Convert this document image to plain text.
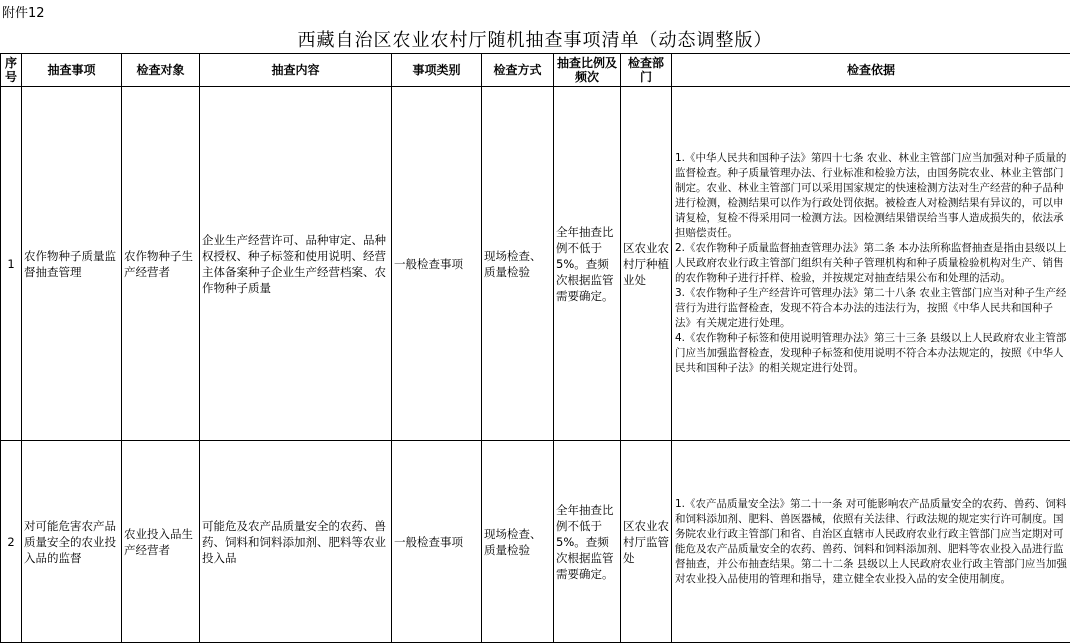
附件12
西藏自治区农业农村厅随机抽查事项清单（动态调整版）
序号	抽查事项	检查对象	抽查内容	事项类别	检查方式	抽查比例及频次	检查部门	检查依据
1	农作物种子质量监督抽查管理	农作物种子生产经营者	企业生产经营许可、品种审定、品种权授权、种子标签和使用说明、经营主体备案种子企业生产经营档案、农作物种子质量	一般检查事项	现场检查、质量检验	全年抽查比例不低于5%。查频次根据监管需要确定。	区农业农村厅种植业处	1.《中华人民共和国种子法》第四十七条 农业、林业主管部门应当加强对种子质量的监督检查。种子质量管理办法、行业标准和检验方法，由国务院农业、林业主管部门制定。农业、林业主管部门可以采用国家规定的快速检测方法对生产经营的种子品种进行检测，检测结果可以作为行政处罚依据。被检查人对检测结果有异议的，可以申请复检，复检不得采用同一检测方法。因检测结果错误给当事人造成损失的，依法承担赔偿责任。

2.《农作物种子质量监督抽查管理办法》第二条 本办法所称监督抽查是指由县级以上人民政府农业行政主管部门组织有关种子管理机构和种子质量检验机构对生产、销售的农作物种子进行扦样、检验，并按规定对抽查结果公布和处理的活动。

3.《农作物种子生产经营许可管理办法》第二十八条 农业主管部门应当对种子生产经营行为进行监督检查，发现不符合本办法的违法行为，按照《中华人民共和国种子法》有关规定进行处理。

4.《农作物种子标签和使用说明管理办法》第三十三条 县级以上人民政府农业主管部门应当加强监督检查，发现种子标签和使用说明不符合本办法规定的，按照《中华人民共和国种子法》的相关规定进行处罚。

2	对可能危害农产品质量安全的农业投入品的监督	农业投入品生产经营者	可能危及农产品质量安全的农药、兽药、饲料和饲料添加剂、肥料等农业投入品	一般检查事项	现场检查、质量检验	全年抽查比例不低于5%。查频次根据监管需要确定。	区农业农村厅监管处	1.《农产品质量安全法》第二十一条 对可能影响农产品质量安全的农药、兽药、饲料和饲料添加剂、肥料、兽医器械，依照有关法律、行政法规的规定实行许可制度。国务院农业行政主管部门和省、自治区直辖市人民政府农业行政主管部门应当定期对可能危及农产品质量安全的农药、兽药、饲料和饲料添加剂、肥料等农业投入品进行监督抽查，并公布抽查结果。第二十二条 县级以上人民政府农业行政主管部门应当加强对农业投入品使用的管理和指导，建立健全农业投入品的安全使用制度。
